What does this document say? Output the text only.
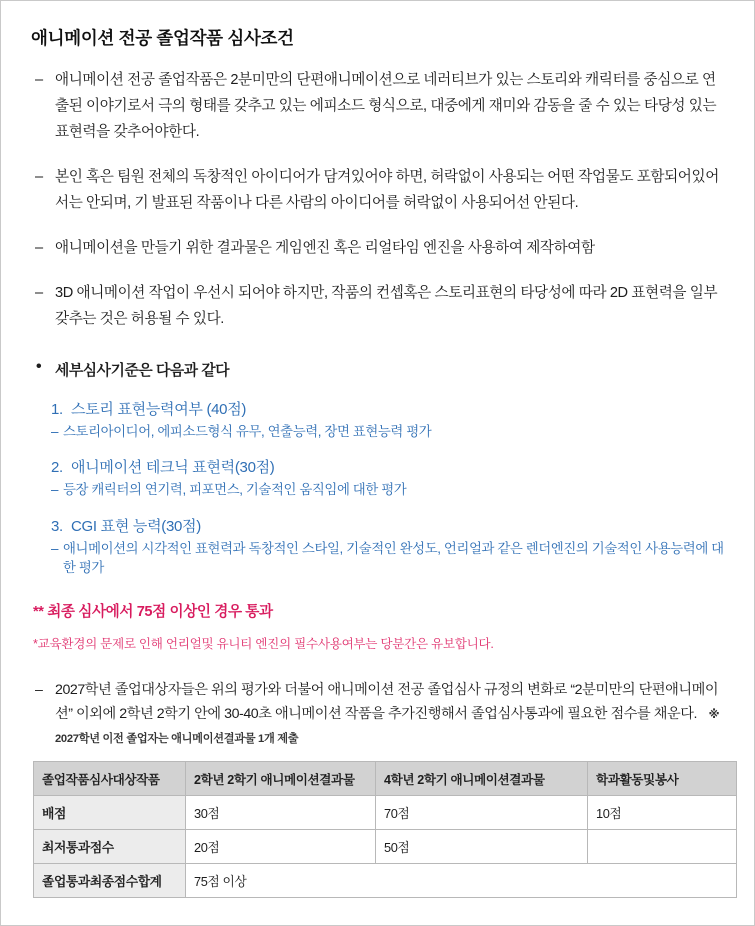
애니메이션 전공 졸업작품 심사조건
– 애니메이션 전공 졸업작품은 2분미만의 단편애니메이션으로 네러티브가 있는 스토리와 캐릭터를 중심으로 연출된 이야기로서 극의 형태를 갖추고 있는 에피소드 형식으로, 대중에게 재미와 감동을 줄 수 있는 타당성 있는 표현력을 갖추어야한다.
– 본인 혹은 팀원 전체의 독창적인 아이디어가 담겨있어야 하면, 허락없이 사용되는 어떤 작업물도 포함되어있어서는 안되며, 기 발표된 작품이나 다른 사람의 아이디어를 허락없이 사용되어선 안된다.
– 애니메이션을 만들기 위한 결과물은 게임엔진 혹은 리얼타임 엔진을 사용하여 제작하여함
– 3D 애니메이션 작업이 우선시 되어야 하지만, 작품의 컨셉혹은 스토리표현의 타당성에 따라 2D 표현력을 일부 갖추는 것은 허용될 수 있다.
• 세부심사기준은 다음과 같다
1. 스토리 표현능력여부 (40점)
– 스토리아이디어, 에피소드형식 유무, 연출능력, 장면 표현능력 평가
2. 애니메이션 테크닉 표현력(30점)
– 등장 캐릭터의 연기력, 피포먼스, 기술적인 움직임에 대한 평가
3. CGI 표현 능력(30점)
– 애니메이션의 시각적인 표현력과 독창적인 스타일, 기술적인 완성도, 언리얼과 같은 렌더엔진의 기술적인 사용능력에 대한 평가
** 최종 심사에서 75점 이상인 경우 통과
*교육환경의 문제로 인해 언리얼및 유니티 엔진의 필수사용여부는 당분간은 유보합니다.
– 2027학년 졸업대상자들은 위의 평가와 더불어 애니메이션 전공 졸업심사 규정의 변화로 “2분미만의 단편애니메이션” 이외에 2학년 2학기 안에 30-40초 애니메이션 작품을 추가진행해서 졸업심사통과에 필요한 점수를 채운다. ※ 2027학년 이전 졸업자는 애니메이션결과물 1개 제출
졸업작품심사대상작품	2학년 2학기 애니메이션결과물	4학년 2학기 애니메이션결과물	학과활동및봉사
배점	30점	70점	10점
최저통과점수	20점	50점	
졸업통과최종점수합계	75점 이상		
